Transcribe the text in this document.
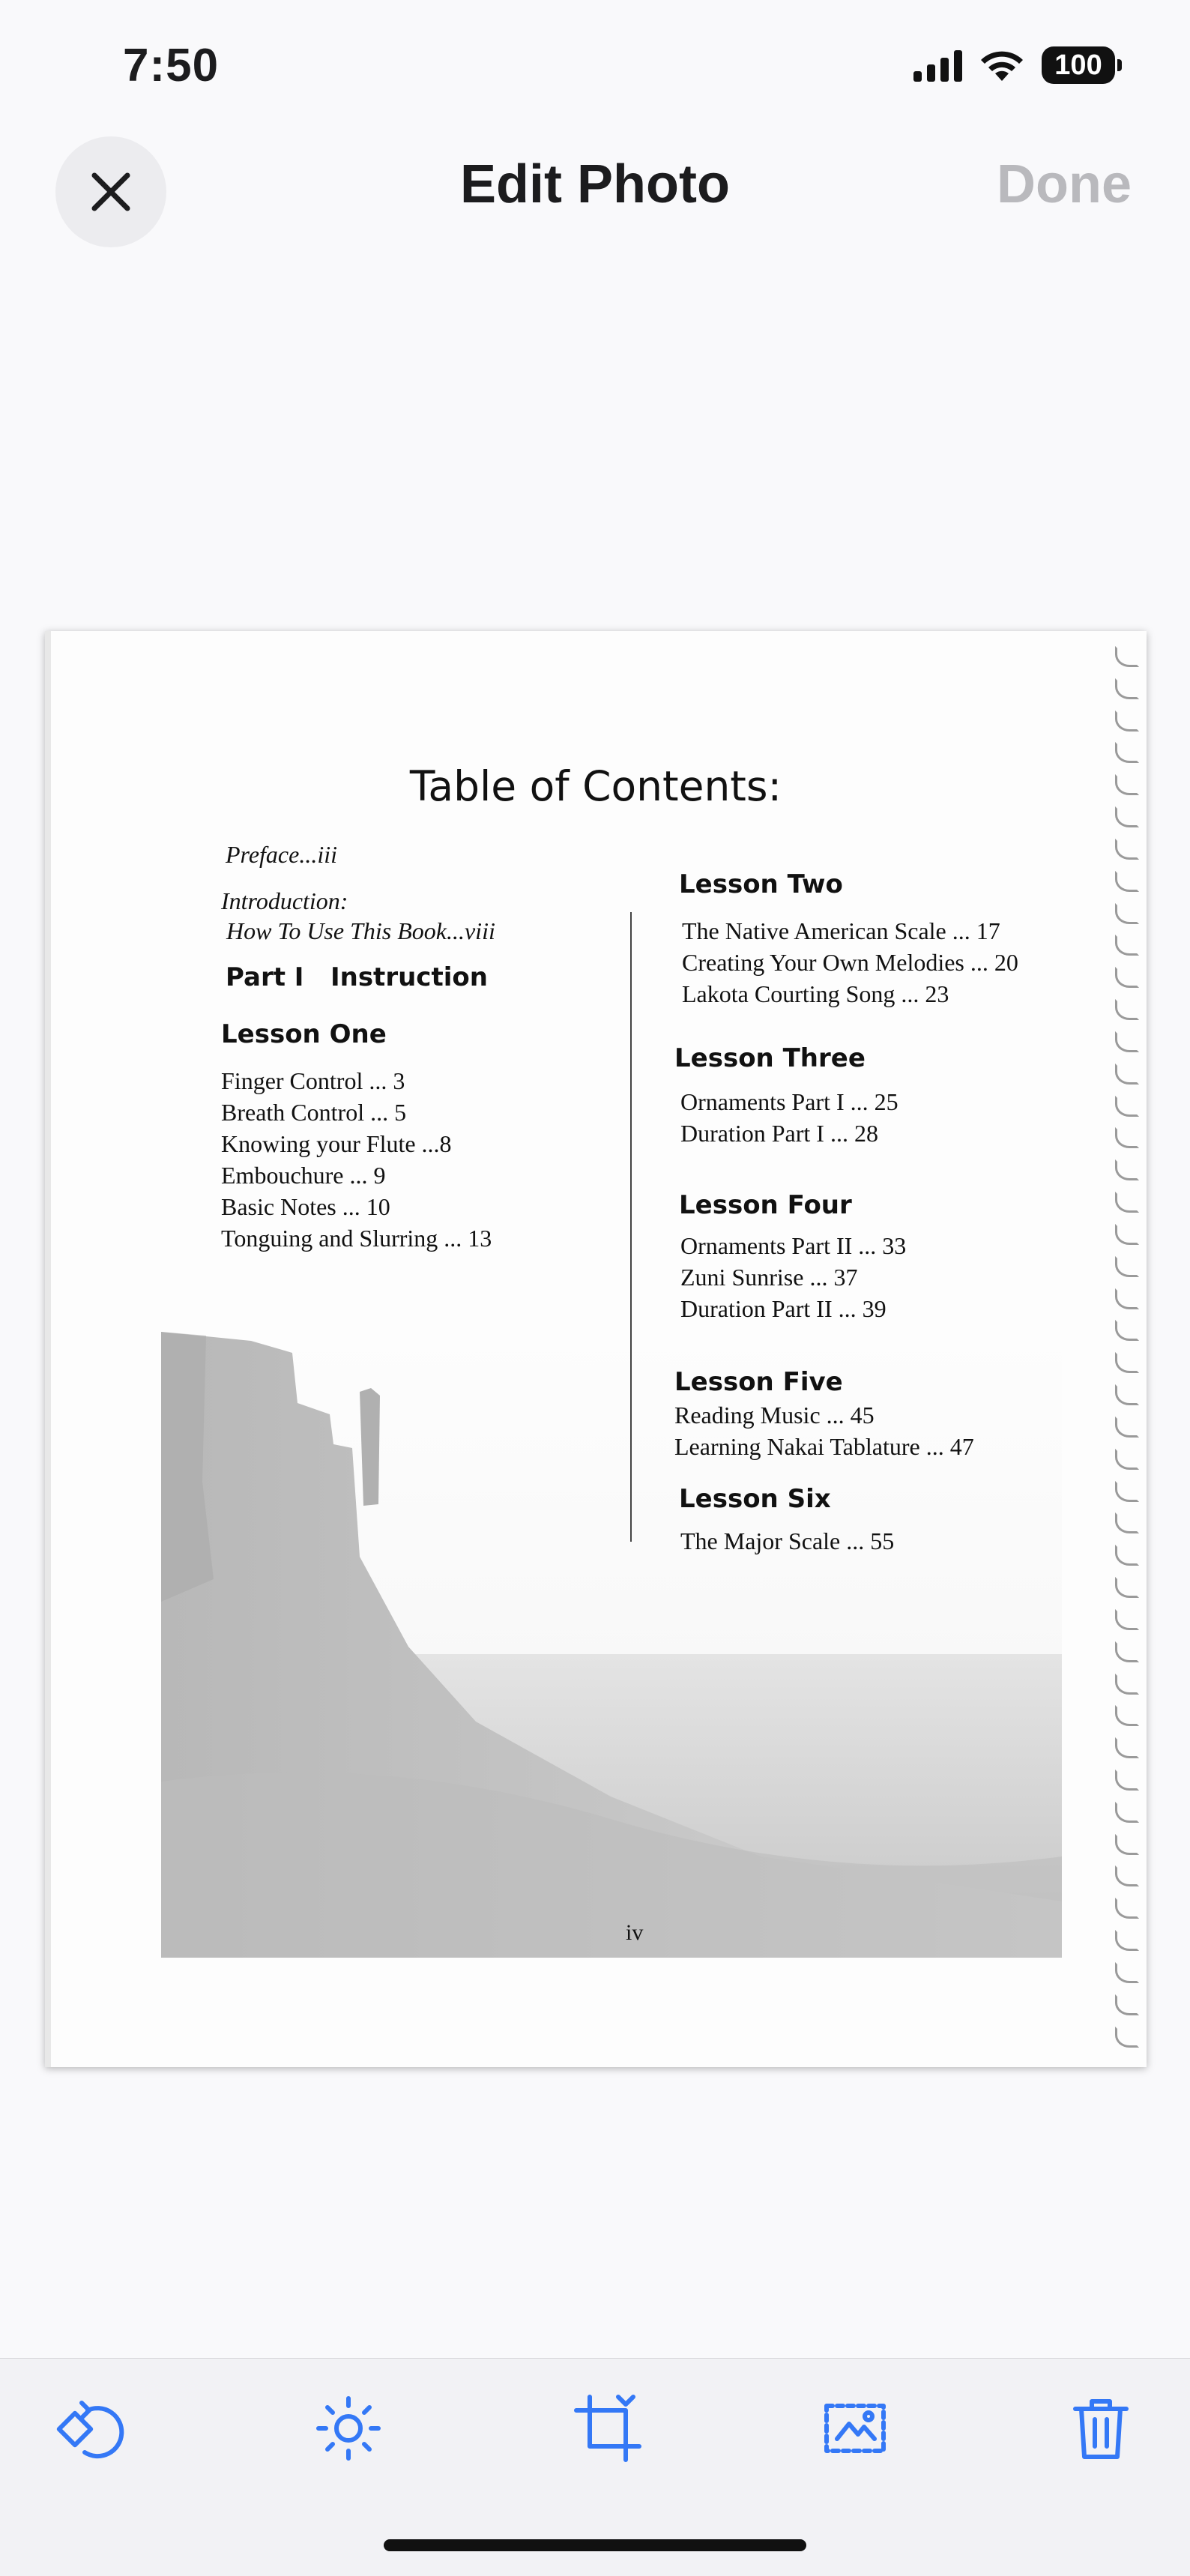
7:50	100
Edit Photo	Done
Table of Contents:
Preface...iii
Introduction:
How To Use This Book...viii
Part I   Instruction
Lesson One
Finger Control ... 3
Breath Control ... 5
Knowing your Flute ...8
Embouchure ... 9
Basic Notes ... 10
Tonguing and Slurring ... 13
Lesson Two
The Native American Scale ... 17
Creating Your Own Melodies ... 20
Lakota Courting Song ... 23
Lesson Three
Ornaments Part I ... 25
Duration Part I ... 28
Lesson Four
Ornaments Part II ... 33
Zuni Sunrise ... 37
Duration Part II ... 39
Lesson Five
Reading Music ... 45
Learning Nakai Tablature ... 47
Lesson Six
The Major Scale ... 55
iv
